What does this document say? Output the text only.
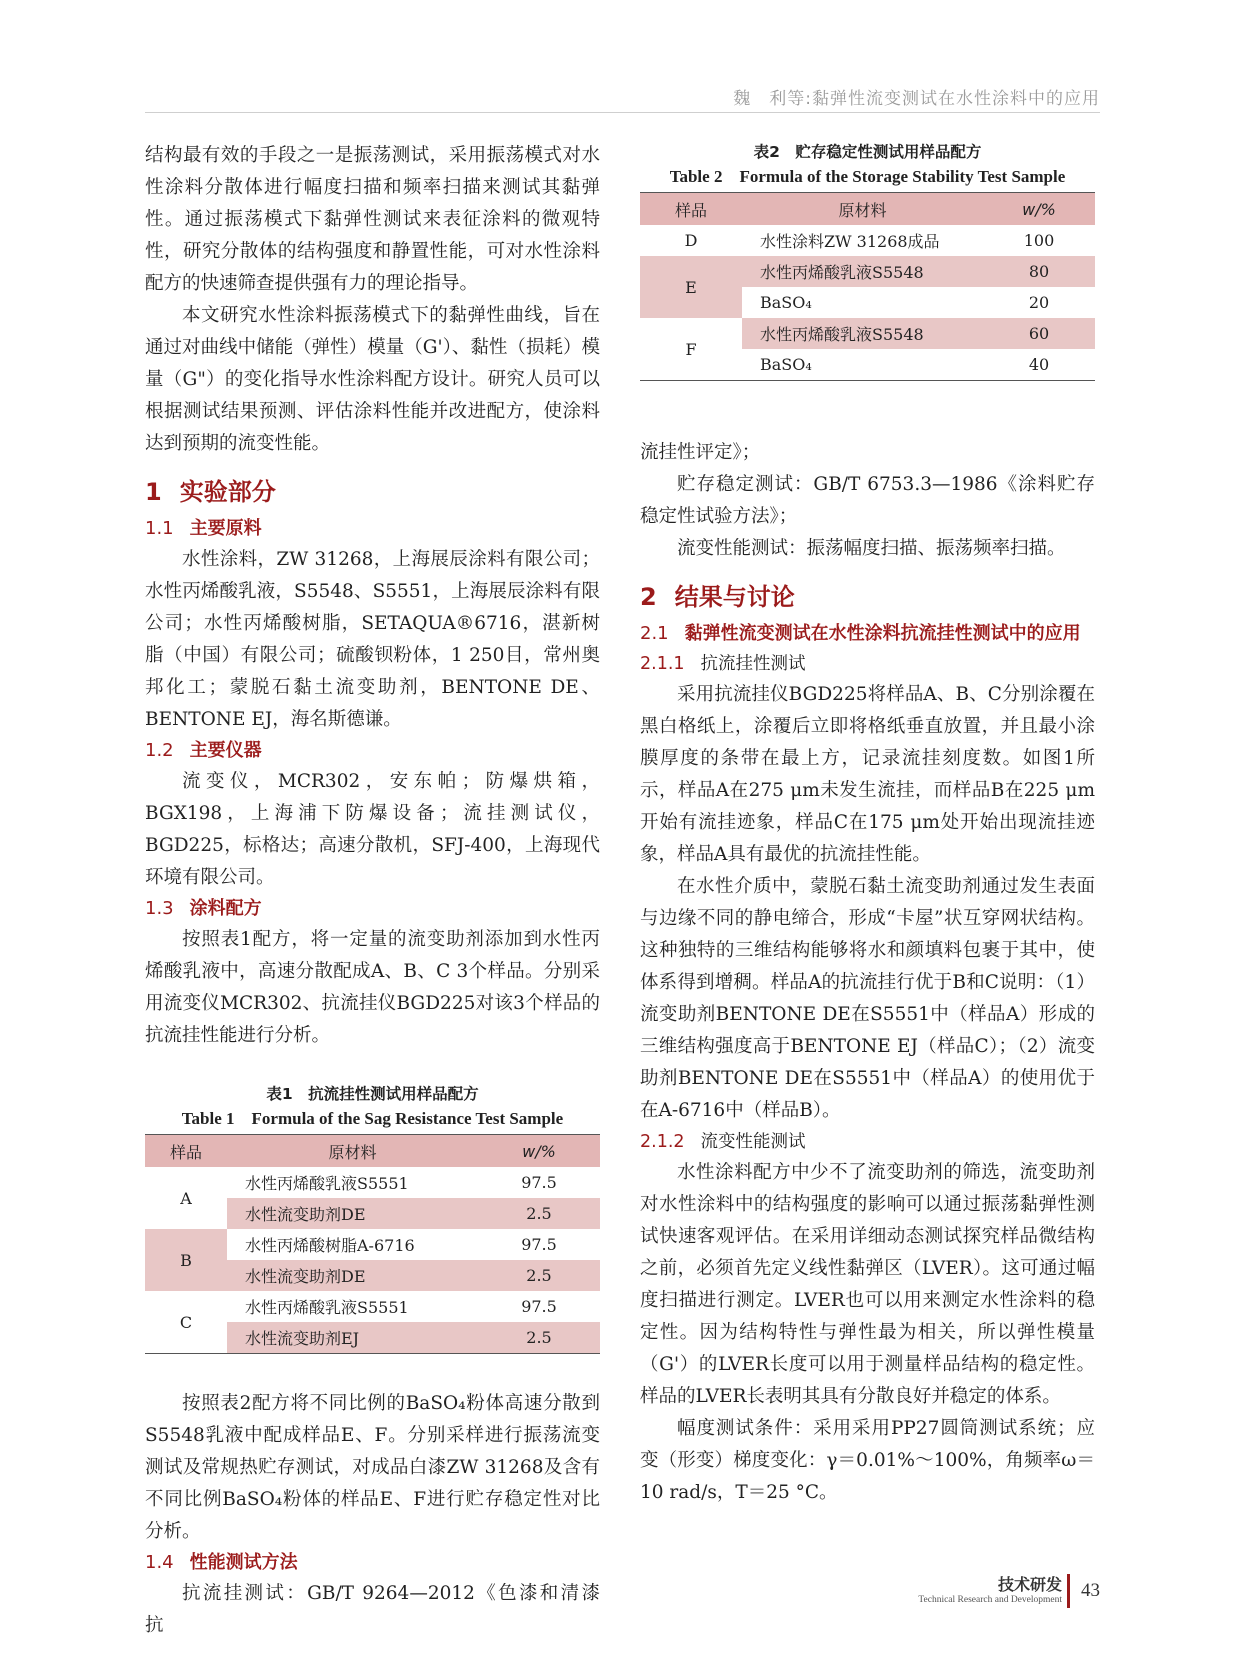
魏　利等:黏弹性流变测试在水性涂料中的应用

结构最有效的手段之一是振荡测试，采用振荡模式对水性涂料分散体进行幅度扫描和频率扫描来测试其黏弹性。通过振荡模式下黏弹性测试来表征涂料的微观特性，研究分散体的结构强度和静置性能，可对水性涂料配方的快速筛查提供强有力的理论指导。

本文研究水性涂料振荡模式下的黏弹性曲线，旨在通过对曲线中储能（弹性）模量（G'）、黏性（损耗）模量（G"）的变化指导水性涂料配方设计。研究人员可以根据测试结果预测、评估涂料性能并改进配方，使涂料达到预期的流变性能。

1 实验部分
1.1 主要原料

水性涂料，ZW 31268，上海展辰涂料有限公司；水性丙烯酸乳液，S5548、S5551，上海展辰涂料有限公司；水性丙烯酸树脂，SETAQUA®6716，湛新树脂（中国）有限公司；硫酸钡粉体，1 250目，常州奥邦化工；蒙脱石黏土流变助剂，BENTONE DE、BENTONE EJ，海名斯德谦。

1.2 主要仪器

流变仪，MCR302，安东帕；防爆烘箱，BGX198，上海浦下防爆设备；流挂测试仪，BGD225，标格达；高速分散机，SFJ-400，上海现代环境有限公司。

1.3 涂料配方

按照表1配方，将一定量的流变助剂添加到水性丙烯酸乳液中，高速分散配成A、B、C 3个样品。分别采用流变仪MCR302、抗流挂仪BGD225对该3个样品的抗流挂性能进行分析。

表1　抗流挂性测试用样品配方
Table 1　Formula of the Sag Resistance Test Sample
样品	原材料	w/%
A	水性丙烯酸乳液S5551	97.5
	水性流变助剂DE	2.5
B	水性丙烯酸树脂A-6716	97.5
	水性流变助剂DE	2.5
C	水性丙烯酸乳液S5551	97.5
	水性流变助剂EJ	2.5

按照表2配方将不同比例的BaSO₄粉体高速分散到S5548乳液中配成样品E、F。分别采样进行振荡流变测试及常规热贮存测试，对成品白漆ZW 31268及含有不同比例BaSO₄粉体的样品E、F进行贮存稳定性对比分析。

1.4 性能测试方法

抗流挂测试：GB/T 9264—2012《色漆和清漆　抗

表2　贮存稳定性测试用样品配方
Table 2　Formula of the Storage Stability Test Sample
样品	原材料	w/%
D	水性涂料ZW 31268成品	100
E	水性丙烯酸乳液S5548	80
	BaSO₄	20
F	水性丙烯酸乳液S5548	60
	BaSO₄	40

流挂性评定》；

贮存稳定测试：GB/T 6753.3—1986《涂料贮存稳定性试验方法》；

流变性能测试：振荡幅度扫描、振荡频率扫描。

2 结果与讨论
2.1 黏弹性流变测试在水性涂料抗流挂性测试中的应用
2.1.1 抗流挂性测试

采用抗流挂仪BGD225将样品A、B、C分别涂覆在黑白格纸上，涂覆后立即将格纸垂直放置，并且最小涂膜厚度的条带在最上方，记录流挂刻度数。如图1所示，样品A在275 μm未发生流挂，而样品B在225 μm开始有流挂迹象，样品C在175 μm处开始出现流挂迹象，样品A具有最优的抗流挂性能。

在水性介质中，蒙脱石黏土流变助剂通过发生表面与边缘不同的静电缔合，形成“卡屋”状互穿网状结构。这种独特的三维结构能够将水和颜填料包裹于其中，使体系得到增稠。样品A的抗流挂行优于B和C说明：（1）流变助剂BENTONE DE在S5551中（样品A）形成的三维结构强度高于BENTONE EJ（样品C）；（2）流变助剂BENTONE DE在S5551中（样品A）的使用优于在A-6716中（样品B）。

2.1.2 流变性能测试

水性涂料配方中少不了流变助剂的筛选，流变助剂对水性涂料中的结构强度的影响可以通过振荡黏弹性测试快速客观评估。在采用详细动态测试探究样品微结构之前，必须首先定义线性黏弹区（LVER）。这可通过幅度扫描进行测定。LVER也可以用来测定水性涂料的稳定性。因为结构特性与弹性最为相关，所以弹性模量（G'）的LVER长度可以用于测量样品结构的稳定性。样品的LVER长表明其具有分散良好并稳定的体系。

幅度测试条件：采用采用PP27圆筒测试系统；应变（形变）梯度变化：γ＝0.01%～100%，角频率ω＝10 rad/s，T＝25 °C。

技术研发
Technical Research and Development 43
